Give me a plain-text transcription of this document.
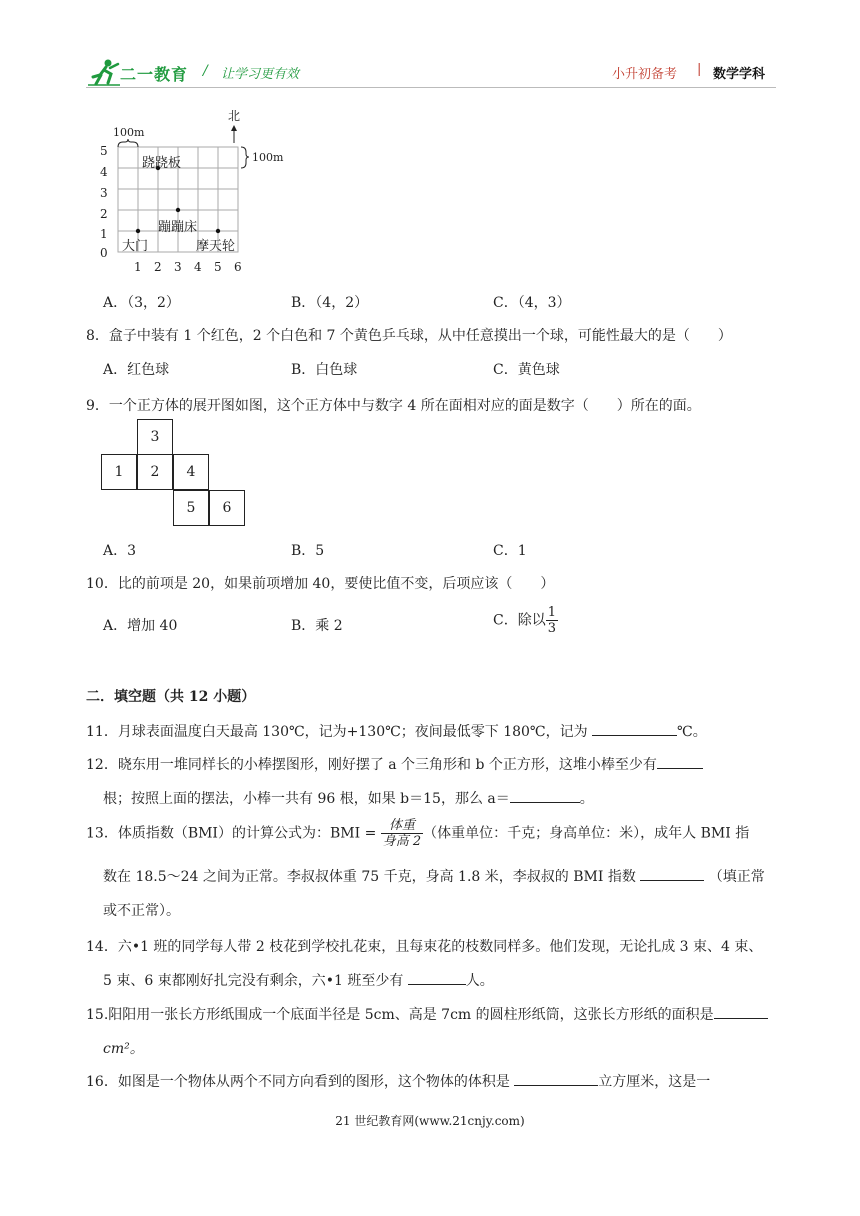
二一教育 / 让学习更有效	小升初备考 | 数学学科
100m
100m
北
5
4
3
2
1
0
1 2 3 4 5 6
跷跷板
蹦蹦床
大门	摩天轮
A．（3，2）	B．（4，2）	C．（4，3）
8．盒子中装有 1 个红色，2 个白色和 7 个黄色乒乓球，从中任意摸出一个球，可能性最大的是（　　）
A．红色球	B．白色球	C．黄色球
9．一个正方体的展开图如图，这个正方体中与数字 4 所在面相对应的面是数字（　　）所在的面。
3
1	2	4
5	6
A．3	B．5	C．1
10．比的前项是 20，如果前项增加 40，要使比值不变，后项应该（　　）
A．增加 40	B．乘 2	C．除以 $\frac{1}{3}$
二．填空题（共 12 小题）
11．月球表面温度白天最高 130℃，记为+130℃；夜间最低零下 180℃，记为	℃。
12．晓东用一堆同样长的小棒摆图形，刚好摆了 a 个三角形和 b 个正方形，这堆小棒至少有
根；按照上面的摆法，小棒一共有 96 根，如果 b＝15，那么 a＝	。
13．体质指数（BMI）的计算公式为：BMI = $\frac{\text{体重}}{\text{身高 2}}$ （体重单位：千克；身高单位：米），成年人 BMI 指
数在 18.5～24 之间为正常。李叔叔体重 75 千克，身高 1.8 米，李叔叔的 BMI 指数	（填正常
或不正常）。
14．六•1 班的同学每人带 2 枝花到学校扎花束，且每束花的枝数同样多。他们发现，无论扎成 3 束、4 束、
5 束、6 束都刚好扎完没有剩余，六•1 班至少有	人。
15.阳阳用一张长方形纸围成一个底面半径是 5cm、高是 7cm 的圆柱形纸筒，这张长方形纸的面积是
cm²。
16．如图是一个物体从两个不同方向看到的图形，这个物体的体积是	立方厘米，这是一
21 世纪教育网(www.21cnjy.com)
